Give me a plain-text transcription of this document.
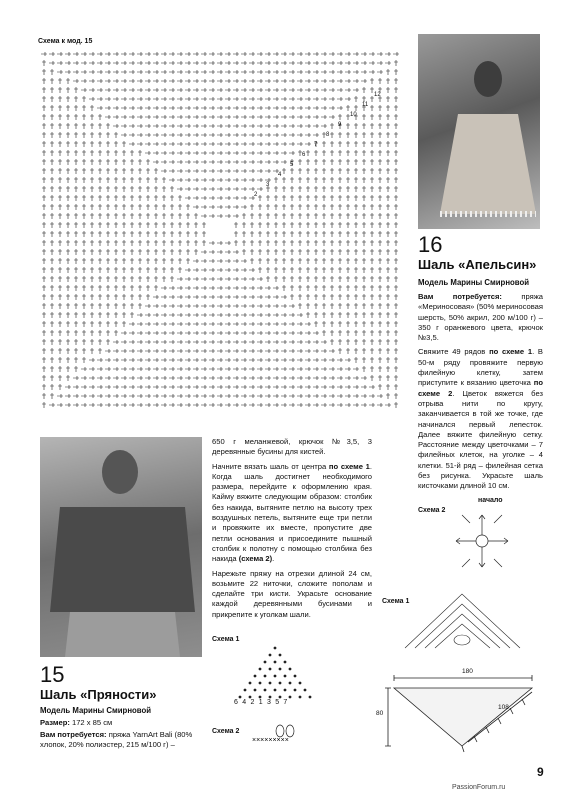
Схема к мод. 15
2
3
4
5
6
7
8
9
10
11
12
16
Шаль «Апельсин»
Модель Марины Смирновой

Вам потребуется: пряжа «Мериносовая» (50% мериносовая шерсть, 50% акрил, 200 м/100 г) – 350 г оранжевого цвета, крючок №3,5.

Свяжите 49 рядов по схеме 1. В 50-м ряду провяжите первую филейную клетку, затем приступите к вязанию цветочка по схеме 2. Цветок вяжется без отрыва нити по кругу, заканчивается в той же точке, где начинался первый лепесток. Далее вяжите филейную сетку. Расстояние между цветочками – 7 филейных клеток, на уголке – 4 клетки. 51-й ряд – филейная сетка без рисунка. Украсьте шаль кисточками длиной 10 см.

15
Шаль «Пряности»
Модель Марины Смирновой
Размер: 172 х 85 см
Вам потребуется: пряжа YarnArt Bali (80% хлопок, 20% полиэстер, 215 м/100 г) –

650 г меланжевой, крючок №3,5, 3 деревянные бусины для кистей.

Начните вязать шаль от центра по схеме 1. Когда шаль достигнет необходимого размера, перейдите к оформлению края. Кайму вяжите следующим образом: столбик без накида, вытяните петлю на высоту трех воздушных петель, вытяните еще три петли и провяжите их вместе, пропустите две петли основания и присоедините пышный столбик к полотну с помощью столбика без накида (схема 2).

Нарежьте пряжу на отрезки длиной 24 см, возьмите 22 ниточки, сложите пополам и сделайте три кисти. Украсьте основание каждой деревянными бусинами и прикрепите к уголкам шали.

Схема 1
6 4 2 1 3 5 7
Схема 2
×××××××××
начало
Схема 2
Схема 1
180
80
108
9
PassionForum.ru
